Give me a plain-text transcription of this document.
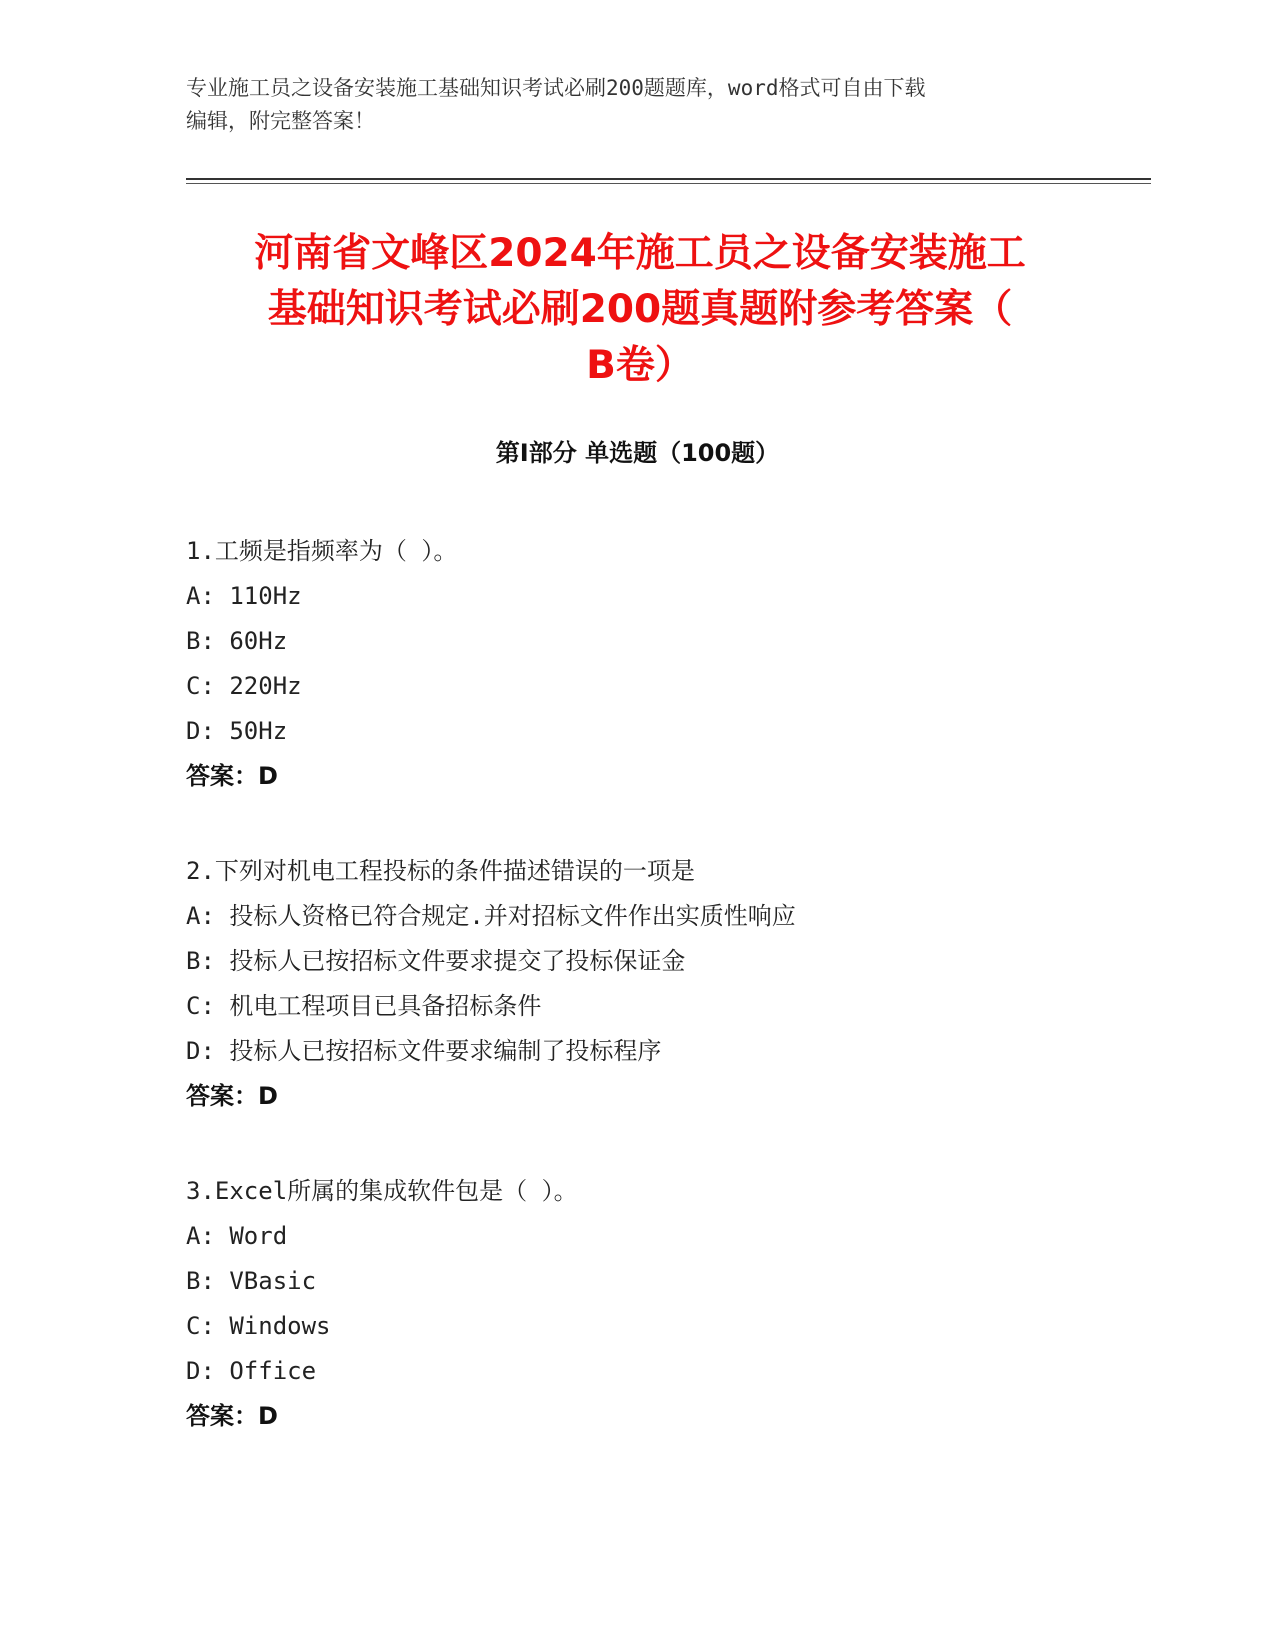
专业施工员之设备安装施工基础知识考试必刷200题题库，word格式可自由下载
编辑，附完整答案！

河南省文峰区2024年施工员之设备安装施工
基础知识考试必刷200题真题附参考答案（
B卷）
第I部分 单选题（100题）
1.工频是指频率为（ ）。
A: 110Hz
B: 60Hz
C: 220Hz
D: 50Hz
答案：D
2.下列对机电工程投标的条件描述错误的一项是
A: 投标人资格已符合规定.并对招标文件作出实质性响应
B: 投标人已按招标文件要求提交了投标保证金
C: 机电工程项目已具备招标条件
D: 投标人已按招标文件要求编制了投标程序
答案：D
3.Excel所属的集成软件包是（ ）。
A: Word
B: VBasic
C: Windows
D: Office
答案：D
